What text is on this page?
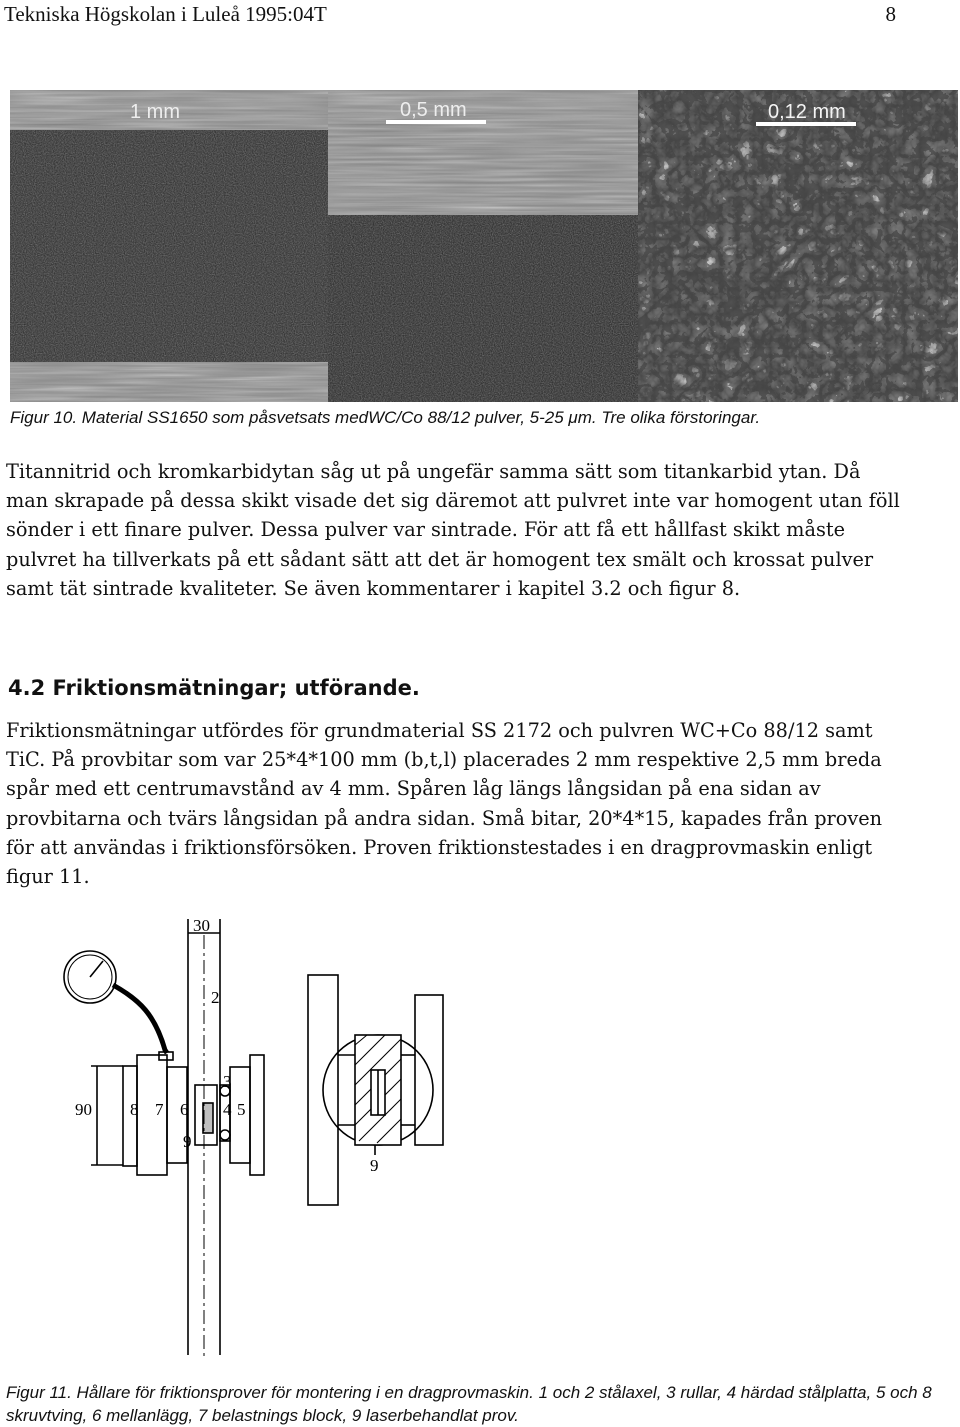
Tekniska Högskolan i Luleå 1995:04T	8
1 mm	0,5 mm	0,12 mm
Figur 10. Material SS1650 som påsvetsats medWC/Co 88/12 pulver, 5-25 μm. Tre olika förstoringar.
Titannitrid och kromkarbidytan såg ut på ungefär samma sätt som titankarbid ytan. Då man skrapade på dessa skikt visade det sig däremot att pulvret inte var homogent utan föll sönder i ett finare pulver. Dessa pulver var sintrade. För att få ett hållfast skikt måste pulvret ha tillverkats på ett sådant sätt att det är homogent tex smält och krossat pulver samt tät sintrade kvaliteter. Se även kommentarer i kapitel 3.2 och figur 8.
4.2 Friktionsmätningar; utförande.
Friktionsmätningar utfördes för grundmaterial SS 2172 och pulvren WC+Co 88/12 samt TiC. På provbitar som var 25*4*100 mm (b,t,l) placerades 2 mm respektive 2,5 mm breda spår med ett centrumavstånd av 4 mm. Spåren låg längs långsidan på ena sidan av provbitarna och tvärs långsidan på andra sidan. Små bitar, 20*4*15, kapades från proven för att användas i friktionsförsöken. Proven friktionstestades i en dragprovmaskin enligt figur 11.
30
2
90 8 7 6
3
4 5
9
9
Figur 11. Hållare för friktionsprover för montering i en dragprovmaskin. 1 och 2 stålaxel, 3 rullar, 4 härdad stålplatta, 5 och 8 skruvtving, 6 mellanlägg, 7 belastnings block, 9 laserbehandlat prov.
